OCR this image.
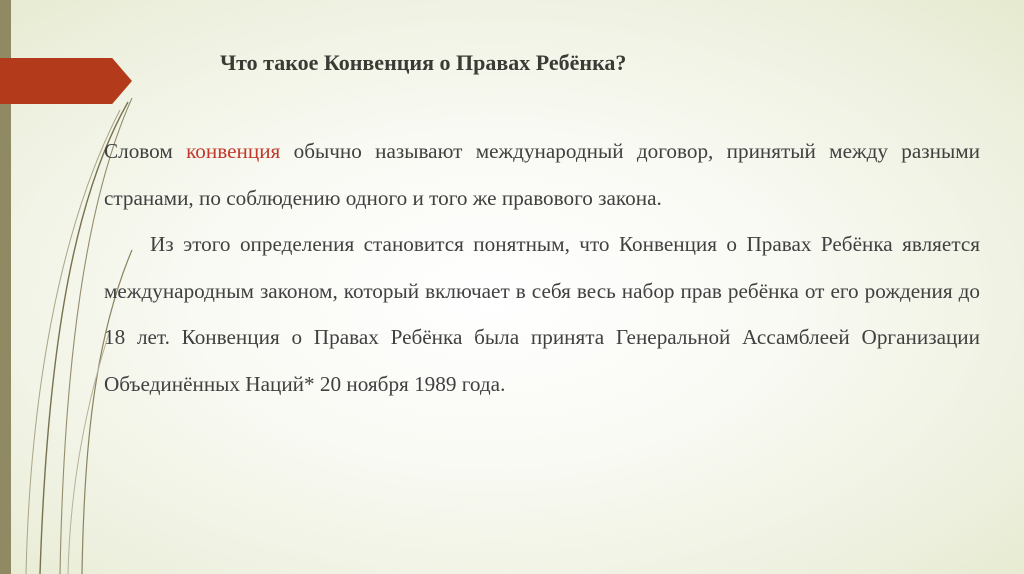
Что такое Конвенция о Правах Ребёнка?

Словом конвенция обычно называют международный договор, принятый между разными странами, по соблюдению одного и того же правового закона.

Из этого определения становится понятным, что Конвенция о Правах Ребёнка является международным законом, который включает в себя весь набор прав ребёнка от его рождения до 18 лет. Конвенция о Правах Ребёнка была принята Генеральной Ассамблеей Организации Объединённых Наций* 20 ноября 1989 года.
